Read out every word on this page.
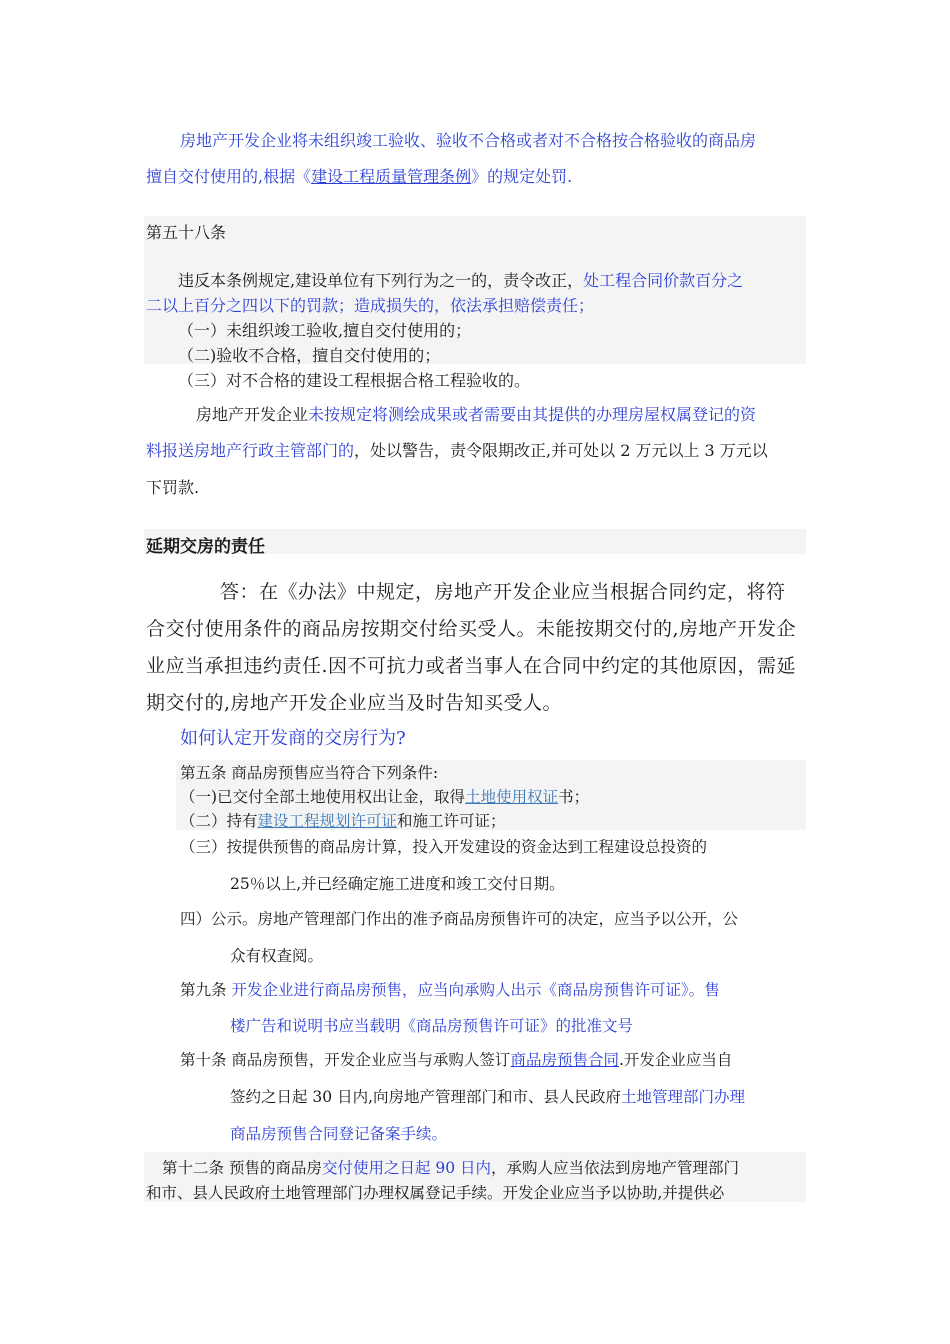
房地产开发企业将未组织竣工验收、验收不合格或者对不合格按合格验收的商品房

擅自交付使用的,根据《建设工程质量管理条例》的规定处罚.

第五十八条

违反本条例规定,建设单位有下列行为之一的，责令改正，处工程合同价款百分之

二以上百分之四以下的罚款；造成损失的，依法承担赔偿责任；

（一）未组织竣工验收,擅自交付使用的；

（二)验收不合格，擅自交付使用的；

（三）对不合格的建设工程根据合格工程验收的。

房地产开发企业未按规定将测绘成果或者需要由其提供的办理房屋权属登记的资

料报送房地产行政主管部门的，处以警告，责令限期改正,并可处以 2 万元以上 3 万元以

下罚款.

延期交房的责任

答：在《办法》中规定，房地产开发企业应当根据合同约定，将符

合交付使用条件的商品房按期交付给买受人。未能按期交付的,房地产开发企

业应当承担违约责任.因不可抗力或者当事人在合同中约定的其他原因，需延

期交付的,房地产开发企业应当及时告知买受人。

如何认定开发商的交房行为?

第五条 商品房预售应当符合下列条件:

（一)已交付全部土地使用权出让金，取得土地使用权证书；

（二）持有建设工程规划许可证和施工许可证；

（三）按提供预售的商品房计算，投入开发建设的资金达到工程建设总投资的

25％以上,并已经确定施工进度和竣工交付日期。

四）公示。房地产管理部门作出的准予商品房预售许可的决定，应当予以公开，公

众有权查阅。

第九条 开发企业进行商品房预售，应当向承购人出示《商品房预售许可证》。售

楼广告和说明书应当载明《商品房预售许可证》的批准文号

第十条 商品房预售，开发企业应当与承购人签订商品房预售合同.开发企业应当自

签约之日起 30 日内,向房地产管理部门和市、县人民政府土地管理部门办理

商品房预售合同登记备案手续。

第十二条 预售的商品房交付使用之日起 90 日内，承购人应当依法到房地产管理部门

和市、县人民政府土地管理部门办理权属登记手续。开发企业应当予以协助,并提供必
